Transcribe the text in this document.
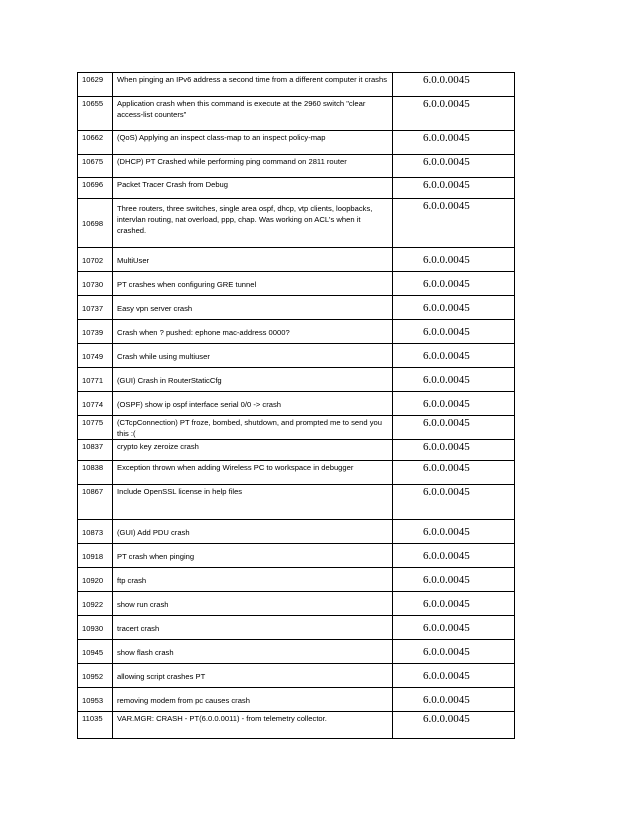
10629	When pinging an IPv6 address a second time from a different computer it crashs	6.0.0.0045
10655	Application crash when this command is execute at the 2960 switch "clear access-list counters"	6.0.0.0045
10662	(QoS) Applying an inspect class-map to an inspect policy-map	6.0.0.0045
10675	(DHCP) PT Crashed while performing ping command on 2811 router	6.0.0.0045
10696	Packet Tracer Crash from Debug	6.0.0.0045
10698	Three routers, three switches, single area ospf, dhcp, vtp clients, loopbacks, intervlan routing, nat overload, ppp, chap. Was working on ACL's when it crashed.	6.0.0.0045
10702	MultiUser	6.0.0.0045
10730	PT crashes when configuring GRE tunnel	6.0.0.0045
10737	Easy vpn server crash	6.0.0.0045
10739	Crash when ? pushed: ephone mac-address 0000?	6.0.0.0045
10749	Crash while using multiuser	6.0.0.0045
10771	(GUI) Crash in RouterStaticCfg	6.0.0.0045
10774	(OSPF) show ip ospf interface serial 0/0 -> crash	6.0.0.0045
10775	(CTcpConnection) PT froze, bombed, shutdown, and prompted me to send you this :(	6.0.0.0045
10837	crypto key zeroize crash	6.0.0.0045
10838	Exception thrown when adding Wireless PC to workspace in debugger	6.0.0.0045
10867	Include OpenSSL license in help files	6.0.0.0045
10873	(GUI) Add PDU crash	6.0.0.0045
10918	PT crash when pinging	6.0.0.0045
10920	ftp crash	6.0.0.0045
10922	show run crash	6.0.0.0045
10930	tracert crash	6.0.0.0045
10945	show flash crash	6.0.0.0045
10952	allowing script crashes PT	6.0.0.0045
10953	removing modem from pc causes crash	6.0.0.0045
11035	VAR.MGR: CRASH - PT(6.0.0.0011) - from telemetry collector.	6.0.0.0045
